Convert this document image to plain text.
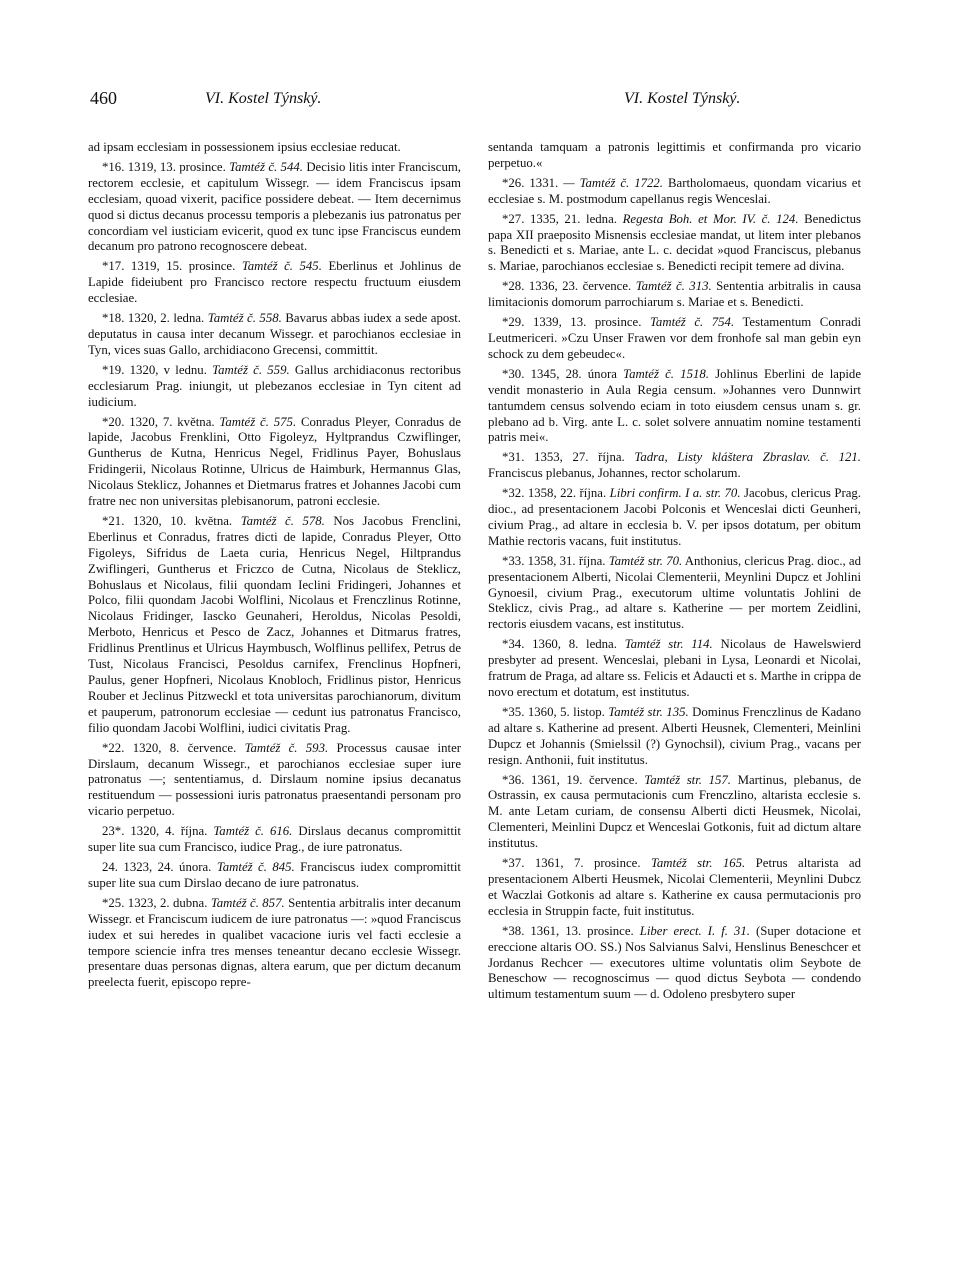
460	VI. Kostel Týnský.	VI. Kostel Týnský.

ad ipsam ecclesiam in possessionem ipsius ecclesiae reducat.

*16. 1319, 13. prosince. Tamtéž č. 544. Decisio litis inter Franciscum, rectorem ecclesie, et capitulum Wissegr. — idem Franciscus ipsam ecclesiam, quoad vixerit, pacifice possidere debeat. — Item decernimus quod si dictus decanus processu temporis a plebezanis ius patronatus per concordiam vel iusticiam evicerit, quod ex tunc ipse Franciscus eundem decanum pro patrono recognoscere debeat.

*17. 1319, 15. prosince. Tamtéž č. 545. Eberlinus et Johlinus de Lapide fideiubent pro Francisco rectore respectu fructuum eiusdem ecclesiae.

*18. 1320, 2. ledna. Tamtéž č. 558. Bavarus abbas iudex a sede apost. deputatus in causa inter decanum Wissegr. et parochianos ecclesiae in Tyn, vices suas Gallo, archidiacono Grecensi, committit.

*19. 1320, v lednu. Tamtéž č. 559. Gallus archidiaconus rectoribus ecclesiarum Prag. iniungit, ut plebezanos ecclesiae in Tyn citent ad iudicium.

*20. 1320, 7. května. Tamtéž č. 575. Conradus Pleyer, Conradus de lapide, Jacobus Frenklini, Otto Figoleyz, Hyltprandus Czwiflinger, Guntherus de Kutna, Henricus Negel, Fridlinus Payer, Bohuslaus Fridingerii, Nicolaus Rotinne, Ulricus de Haimburk, Hermannus Glas, Nicolaus Steklicz, Johannes et Dietmarus fratres et Johannes Jacobi cum fratre nec non universitas plebisanorum, patroni ecclesie.

*21. 1320, 10. května. Tamtéž č. 578. Nos Jacobus Frenclini, Eberlinus et Conradus, fratres dicti de lapide, Conradus Pleyer, Otto Figoleys, Sifridus de Laeta curia, Henricus Negel, Hiltprandus Zwiflingeri, Guntherus et Friczco de Cutna, Nicolaus de Steklicz, Bohuslaus et Nicolaus, filii quondam Ieclini Fridingeri, Johannes et Polco, filii quondam Jacobi Wolflini, Nicolaus et Frenczlinus Rotinne, Nicolaus Fridinger, Iascko Geunaheri, Heroldus, Nicolas Pesoldi, Merboto, Henricus et Pesco de Zacz, Johannes et Ditmarus fratres, Fridlinus Prentlinus et Ulricus Haymbusch, Wolflinus pellifex, Petrus de Tust, Nicolaus Francisci, Pesoldus carnifex, Frenclinus Hopfneri, Paulus, gener Hopfneri, Nicolaus Knobloch, Fridlinus pistor, Henricus Rouber et Jeclinus Pitzweckl et tota universitas parochianorum, divitum et pauperum, patronorum ecclesiae — cedunt ius patronatus Francisco, filio quondam Jacobi Wolflini, iudici civitatis Prag.

*22. 1320, 8. července. Tamtéž č. 593. Processus causae inter Dirslaum, decanum Wissegr., et parochianos ecclesiae super iure patronatus —; sententiamus, d. Dirslaum nomine ipsius decanatus restituendum — possessioni iuris patronatus praesentandi personam pro vicario perpetuo.

23*. 1320, 4. října. Tamtéž č. 616. Dirslaus decanus compromittit super lite sua cum Francisco, iudice Prag., de iure patronatus.

24. 1323, 24. února. Tamtéž č. 845. Franciscus iudex compromittit super lite sua cum Dirslao decano de iure patronatus.

*25. 1323, 2. dubna. Tamtéž č. 857. Sententia arbitralis inter decanum Wissegr. et Franciscum iudicem de iure patronatus —: »quod Franciscus iudex et sui heredes in qualibet vacacione iuris vel facti ecclesie a tempore sciencie infra tres menses teneantur decano ecclesie Wissegr. presentare duas personas dignas, altera earum, que per dictum decanum preelecta fuerit, episcopo repre-

sentanda tamquam a patronis legittimis et confirmanda pro vicario perpetuo.«

*26. 1331. — Tamtéž č. 1722. Bartholomaeus, quondam vicarius et ecclesiae s. M. postmodum capellanus regis Wenceslai.

*27. 1335, 21. ledna. Regesta Boh. et Mor. IV. č. 124. Benedictus papa XII praeposito Misnensis ecclesiae mandat, ut litem inter plebanos s. Benedicti et s. Mariae, ante L. c. decidat »quod Franciscus, plebanus s. Mariae, parochianos ecclesiae s. Benedicti recipit temere ad divina.

*28. 1336, 23. července. Tamtéž č. 313. Sententia arbitralis in causa limitacionis domorum parrochiarum s. Mariae et s. Benedicti.

*29. 1339, 13. prosince. Tamtéž č. 754. Testamentum Conradi Leutmericeri. »Czu Unser Frawen vor dem fronhofe sal man gebin eyn schock zu dem gebeudec«.

*30. 1345, 28. února Tamtéž č. 1518. Johlinus Eberlini de lapide vendit monasterio in Aula Regia censum. »Johannes vero Dunnwirt tantumdem census solvendo eciam in toto eiusdem census unam s. gr. plebano ad b. Virg. ante L. c. solet solvere annuatim nomine testamenti patris mei«.

*31. 1353, 27. října. Tadra, Listy kláštera Zbraslav. č. 121. Franciscus plebanus, Johannes, rector scholarum.

*32. 1358, 22. října. Libri confirm. I a. str. 70. Jacobus, clericus Prag. dioc., ad presentacionem Jacobi Polconis et Wenceslai dicti Geunheri, civium Prag., ad altare in ecclesia b. V. per ipsos dotatum, per obitum Mathie rectoris vacans, fuit institutus.

*33. 1358, 31. října. Tamtéž str. 70. Anthonius, clericus Prag. dioc., ad presentacionem Alberti, Nicolai Clementerii, Meynlini Dupcz et Johlini Gynoesil, civium Prag., executorum ultime voluntatis Johlini de Steklicz, civis Prag., ad altare s. Katherine — per mortem Zeidlini, rectoris eiusdem vacans, est institutus.

*34. 1360, 8. ledna. Tamtéž str. 114. Nicolaus de Hawelswierd presbyter ad present. Wenceslai, plebani in Lysa, Leonardi et Nicolai, fratrum de Praga, ad altare ss. Felicis et Adaucti et s. Marthe in crippa de novo erectum et dotatum, est institutus.

*35. 1360, 5. listop. Tamtéž str. 135. Dominus Frenczlinus de Kadano ad altare s. Katherine ad present. Alberti Heusnek, Clementeri, Meinlini Dupcz et Johannis (Smielssil (?) Gynochsil), civium Prag., vacans per resign. Anthonii, fuit institutus.

*36. 1361, 19. července. Tamtéž str. 157. Martinus, plebanus, de Ostrassin, ex causa permutacionis cum Frenczlino, altarista ecclesie s. M. ante Letam curiam, de consensu Alberti dicti Heusmek, Nicolai, Clementeri, Meinlini Dupcz et Wenceslai Gotkonis, fuit ad dictum altare institutus.

*37. 1361, 7. prosince. Tamtéž str. 165. Petrus altarista ad presentacionem Alberti Heusmek, Nicolai Clementerii, Meynlini Dubcz et Waczlai Gotkonis ad altare s. Katherine ex causa permutacionis pro ecclesia in Struppin facte, fuit institutus.

*38. 1361, 13. prosince. Liber erect. I. f. 31. (Super dotacione et ereccione altaris OO. SS.) Nos Salvianus Salvi, Henslinus Beneschcer et Jordanus Rechcer — executores ultime voluntatis olim Seybote de Beneschow — recognoscimus — quod dictus Seybota — condendo ultimum testamentum suum — d. Odoleno presbytero super
